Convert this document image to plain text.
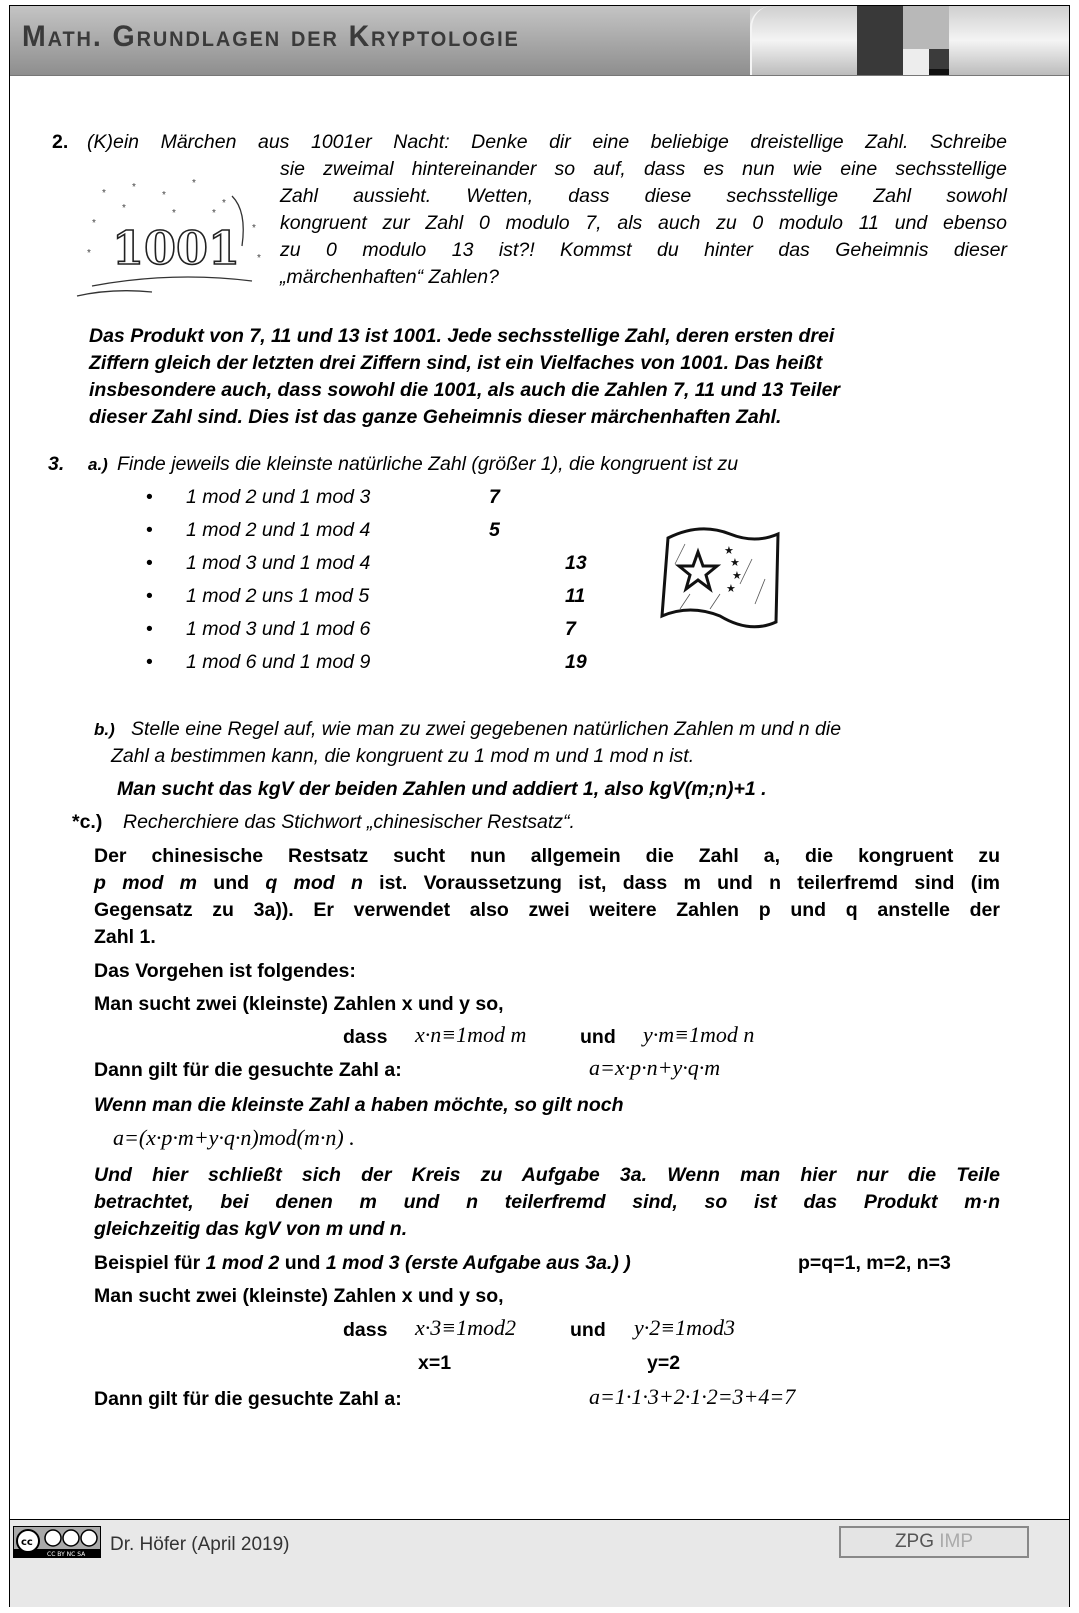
Math. Grundlagen der Kryptologie
2. (K)ein Märchen aus 1001er Nacht: Denke dir eine beliebige dreistellige Zahl. Schreibe
sie zweimal hintereinander so auf, dass es nun wie eine sechsstellige
Zahl aussieht. Wetten, dass diese sechsstellige Zahl sowohl
kongruent zur Zahl 0 modulo 7, als auch zu 0 modulo 11 und ebenso
zu 0 modulo 13 ist?! Kommst du hinter das Geheimnis dieser
„märchenhaften“ Zahlen?
1001
*
*
*
*
*
*
*
*
*
*
*	*
Das Produkt von 7, 11 und 13 ist 1001. Jede sechsstellige Zahl, deren ersten drei
Ziffern gleich der letzten drei Ziffern sind, ist ein Vielfaches von 1001. Das heißt
insbesondere auch, dass sowohl die 1001, als auch die Zahlen 7, 11 und 13 Teiler
dieser Zahl sind. Dies ist das ganze Geheimnis dieser märchenhaften Zahl.
3. a.) Finde jeweils die kleinste natürliche Zahl (größer 1), die kongruent ist zu
• 1 mod 2 und 1 mod 3	7
• 1 mod 2 und 1 mod 4	5
• 1 mod 3 und 1 mod 4	13
• 1 mod 2 uns 1 mod 5	11
• 1 mod 3 und 1 mod 6	7
• 1 mod 6 und 1 mod 9	19
★
★
★
★
b.) Stelle eine Regel auf, wie man zu zwei gegebenen natürlichen Zahlen m und n die
Zahl a bestimmen kann, die kongruent zu 1 mod m und 1 mod n ist.
Man sucht das kgV der beiden Zahlen und addiert 1, also kgV(m;n)+1 .
*c.) Recherchiere das Stichwort „chinesischer Restsatz“.
Der chinesische Restsatz sucht nun allgemein die Zahl a, die kongruent zu
p mod m und q mod n ist. Voraussetzung ist, dass m und n teilerfremd sind (im
Gegensatz zu 3a)). Er verwendet also zwei weitere Zahlen p und q anstelle der
Zahl 1.
Das Vorgehen ist folgendes:
Man sucht zwei (kleinste) Zahlen x und y so,
dass x·n≡1mod m	und y·m≡1mod n
Dann gilt für die gesuchte Zahl a:	a=x·p·n+y·q·m
Wenn man die kleinste Zahl a haben möchte, so gilt noch
a=(x·p·m+y·q·n)mod(m·n) .
Und hier schließt sich der Kreis zu Aufgabe 3a. Wenn man hier nur die Teile
betrachtet, bei denen m und n teilerfremd sind, so ist das Produkt m·n
gleichzeitig das kgV von m und n.
Beispiel für 1 mod 2 und 1 mod 3 (erste Aufgabe aus 3a.) )	p=q=1, m=2, n=3
Man sucht zwei (kleinste) Zahlen x und y so,
dass x·3≡1mod2	und y·2≡1mod3
x=1	y=2
Dann gilt für die gesuchte Zahl a:	a=1·1·3+2·1·2=3+4=7
cc
CC BY NC SA Dr. Höfer (April 2019)	ZPG IMP
